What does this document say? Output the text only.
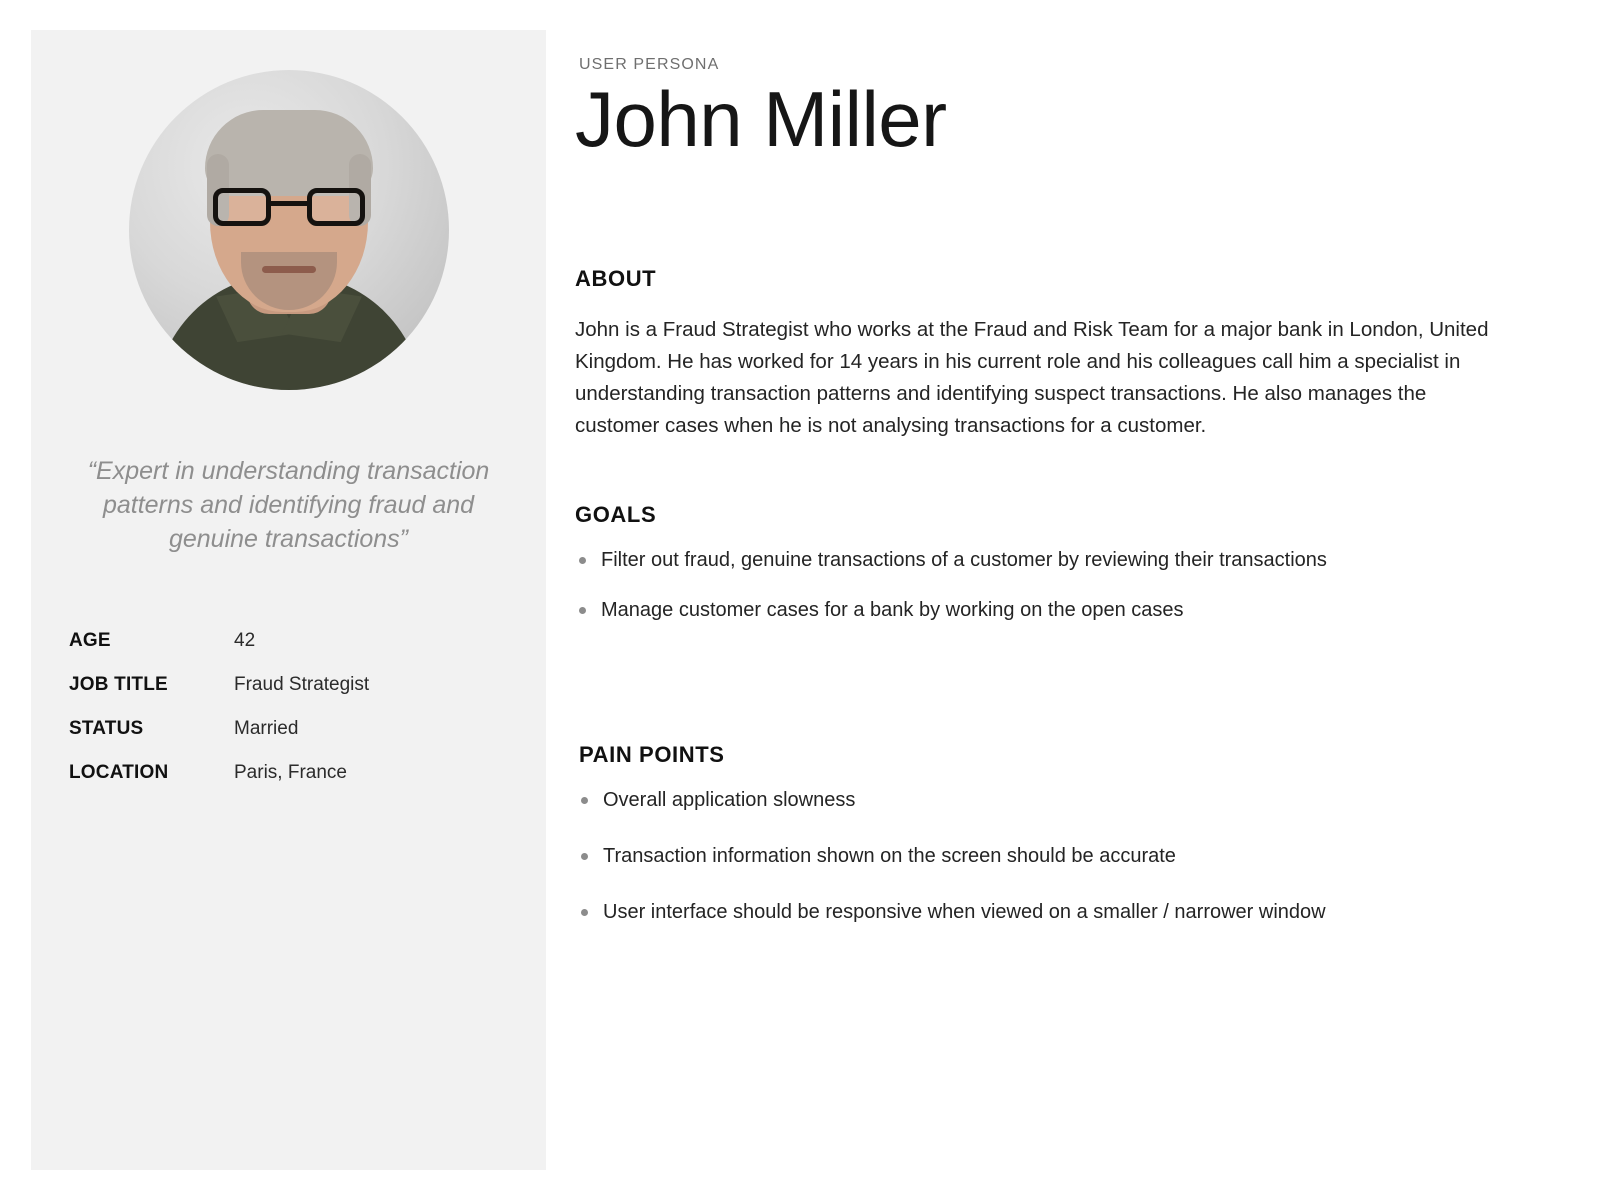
“Expert in understanding transaction patterns and identifying fraud and genuine transactions”
AGE	42
JOB TITLE	Fraud Strategist
STATUS	Married
LOCATION	Paris, France
USER PERSONA
John Miller
ABOUT

John is a Fraud Strategist who works at the Fraud and Risk Team for a major bank in London, United Kingdom. He has worked for 14 years in his current role and his colleagues call him a specialist in understanding transaction patterns and identifying suspect transactions. He also manages the customer cases when he is not analysing transactions for a customer.

GOALS
Filter out fraud, genuine transactions of a customer by reviewing their transactions
Manage customer cases for a bank by working on the open cases
PAIN POINTS
Overall application slowness
Transaction information shown on the screen should be accurate
User interface should be responsive when viewed on a smaller / narrower window
